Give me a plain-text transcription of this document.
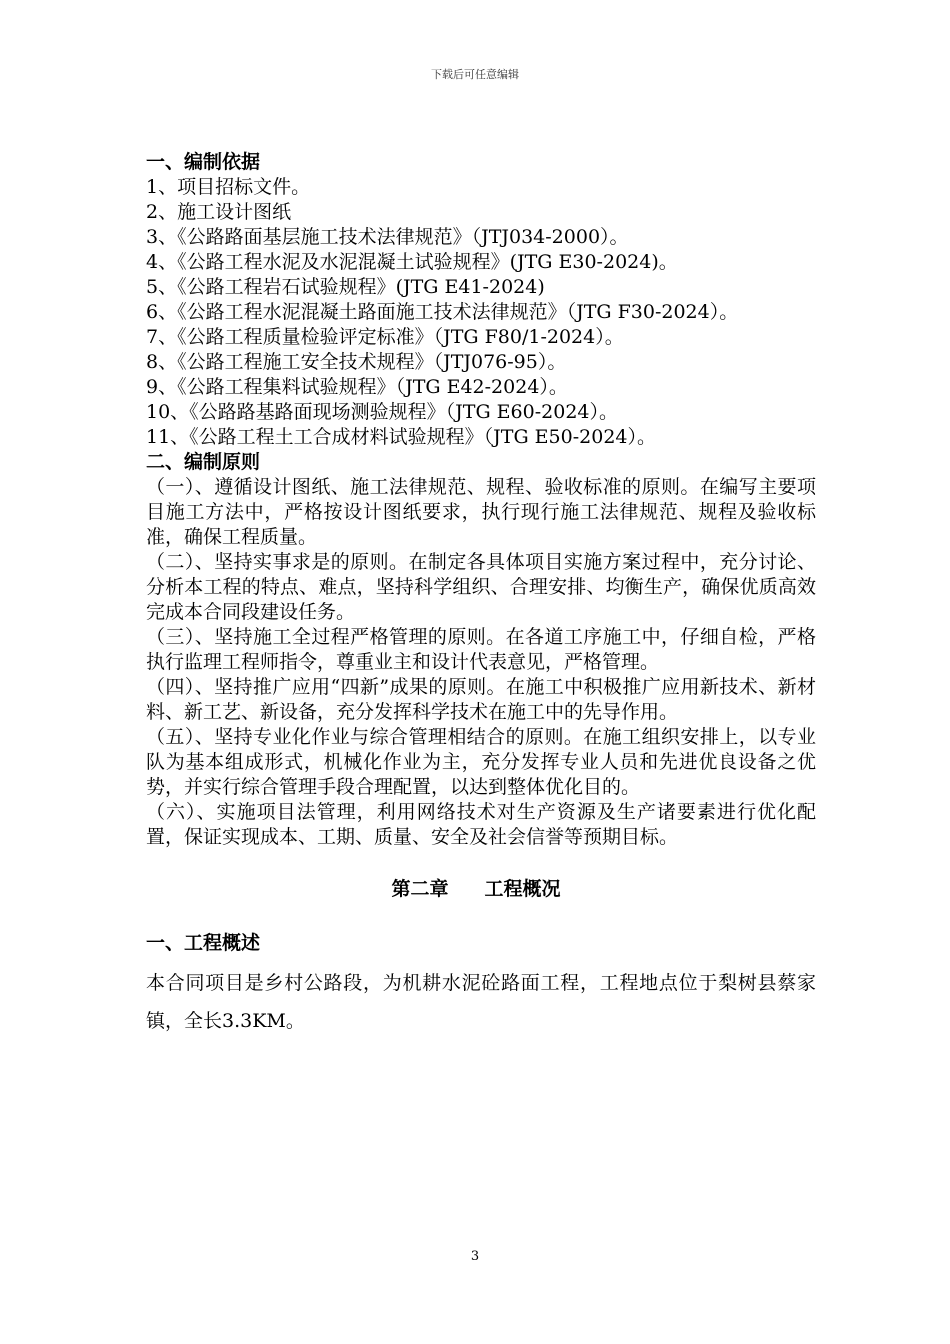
下载后可任意编辑
一、编制依据
1、项目招标文件。
2、施工设计图纸
3、《公路路面基层施工技术法律规范》（JTJ034-2000）。
4、《公路工程水泥及水泥混凝土试验规程》(JTG E30-2024)。
5、《公路工程岩石试验规程》(JTG E41-2024)
6、《公路工程水泥混凝土路面施工技术法律规范》（JTG F30-2024）。
7、《公路工程质量检验评定标准》（JTG F80/1-2024）。
8、《公路工程施工安全技术规程》（JTJ076-95）。
9、《公路工程集料试验规程》（JTG E42-2024）。
10、《公路路基路面现场测验规程》（JTG E60-2024）。
11、《公路工程土工合成材料试验规程》（JTG E50-2024）。
二、编制原则
（一）、遵循设计图纸、施工法律规范、规程、验收标准的原则。在编写主要项目施工方法中，严格按设计图纸要求，执行现行施工法律规范、规程及验收标准，确保工程质量。
（二）、坚持实事求是的原则。在制定各具体项目实施方案过程中，充分讨论、分析本工程的特点、难点，坚持科学组织、合理安排、均衡生产，确保优质高效完成本合同段建设任务。
（三）、坚持施工全过程严格管理的原则。在各道工序施工中，仔细自检，严格执行监理工程师指令，尊重业主和设计代表意见，严格管理。
（四）、坚持推广应用“四新”成果的原则。在施工中积极推广应用新技术、新材料、新工艺、新设备，充分发挥科学技术在施工中的先导作用。
（五）、坚持专业化作业与综合管理相结合的原则。在施工组织安排上，以专业队为基本组成形式，机械化作业为主，充分发挥专业人员和先进优良设备之优势，并实行综合管理手段合理配置，以达到整体优化目的。
（六）、实施项目法管理，利用网络技术对生产资源及生产诸要素进行优化配置，保证实现成本、工期、质量、安全及社会信誉等预期目标。
第二章 工程概况
一、工程概述
本合同项目是乡村公路段，为机耕水泥砼路面工程，工程地点位于梨树县蔡家镇，全长3.3KM。
3
